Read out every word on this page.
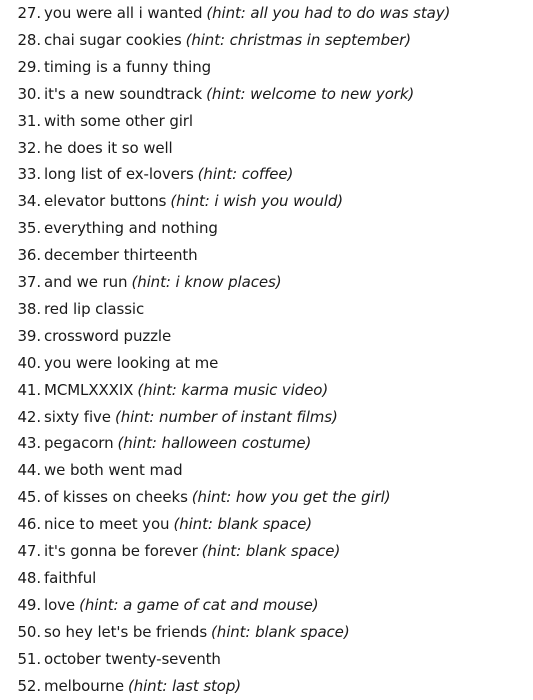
27. you were all i wanted (hint: all you had to do was stay)
28. chai sugar cookies (hint: christmas in september)
29. timing is a funny thing
30. it's a new soundtrack (hint: welcome to new york)
31. with some other girl
32. he does it so well
33. long list of ex-lovers (hint: coffee)
34. elevator buttons (hint: i wish you would)
35. everything and nothing
36. december thirteenth
37. and we run (hint: i know places)
38. red lip classic
39. crossword puzzle
40. you were looking at me
41. MCMLXXXIX (hint: karma music video)
42. sixty five (hint: number of instant films)
43. pegacorn (hint: halloween costume)
44. we both went mad
45. of kisses on cheeks (hint: how you get the girl)
46. nice to meet you (hint: blank space)
47. it's gonna be forever (hint: blank space)
48. faithful
49. love (hint: a game of cat and mouse)
50. so hey let's be friends (hint: blank space)
51. october twenty-seventh
52. melbourne (hint: last stop)
